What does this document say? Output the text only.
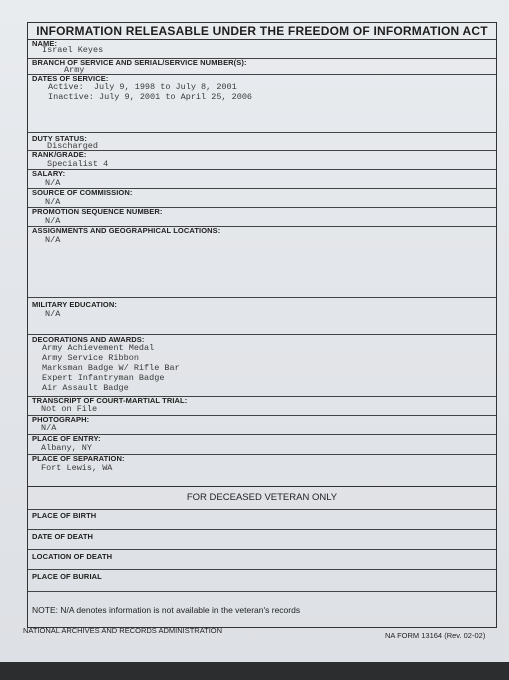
INFORMATION RELEASABLE UNDER THE FREEDOM OF INFORMATION ACT
NAME:
Israel Keyes
BRANCH OF SERVICE AND SERIAL/SERVICE NUMBER(S):
Army
DATES OF SERVICE:
Active:  July 9, 1998 to July 8, 2001
Inactive: July 9, 2001 to April 25, 2006
DUTY STATUS:
Discharged
RANK/GRADE:
Specialist 4
SALARY:
N/A
SOURCE OF COMMISSION:
N/A
PROMOTION SEQUENCE NUMBER:
N/A
ASSIGNMENTS AND GEOGRAPHICAL LOCATIONS:
N/A
MILITARY EDUCATION:
N/A
DECORATIONS AND AWARDS:
Army Achievement Medal
Army Service Ribbon
Marksman Badge W/ Rifle Bar
Expert Infantryman Badge
Air Assault Badge
TRANSCRIPT OF COURT-MARTIAL TRIAL:
Not on File
PHOTOGRAPH:
N/A
PLACE OF ENTRY:
Albany, NY
PLACE OF SEPARATION:
Fort Lewis, WA
FOR DECEASED VETERAN ONLY
PLACE OF BIRTH
DATE OF DEATH
LOCATION OF DEATH
PLACE OF BURIAL
NOTE: N/A denotes information is not available in the veteran's records
NATIONAL ARCHIVES AND RECORDS ADMINISTRATION
NA FORM 13164 (Rev. 02-02)
